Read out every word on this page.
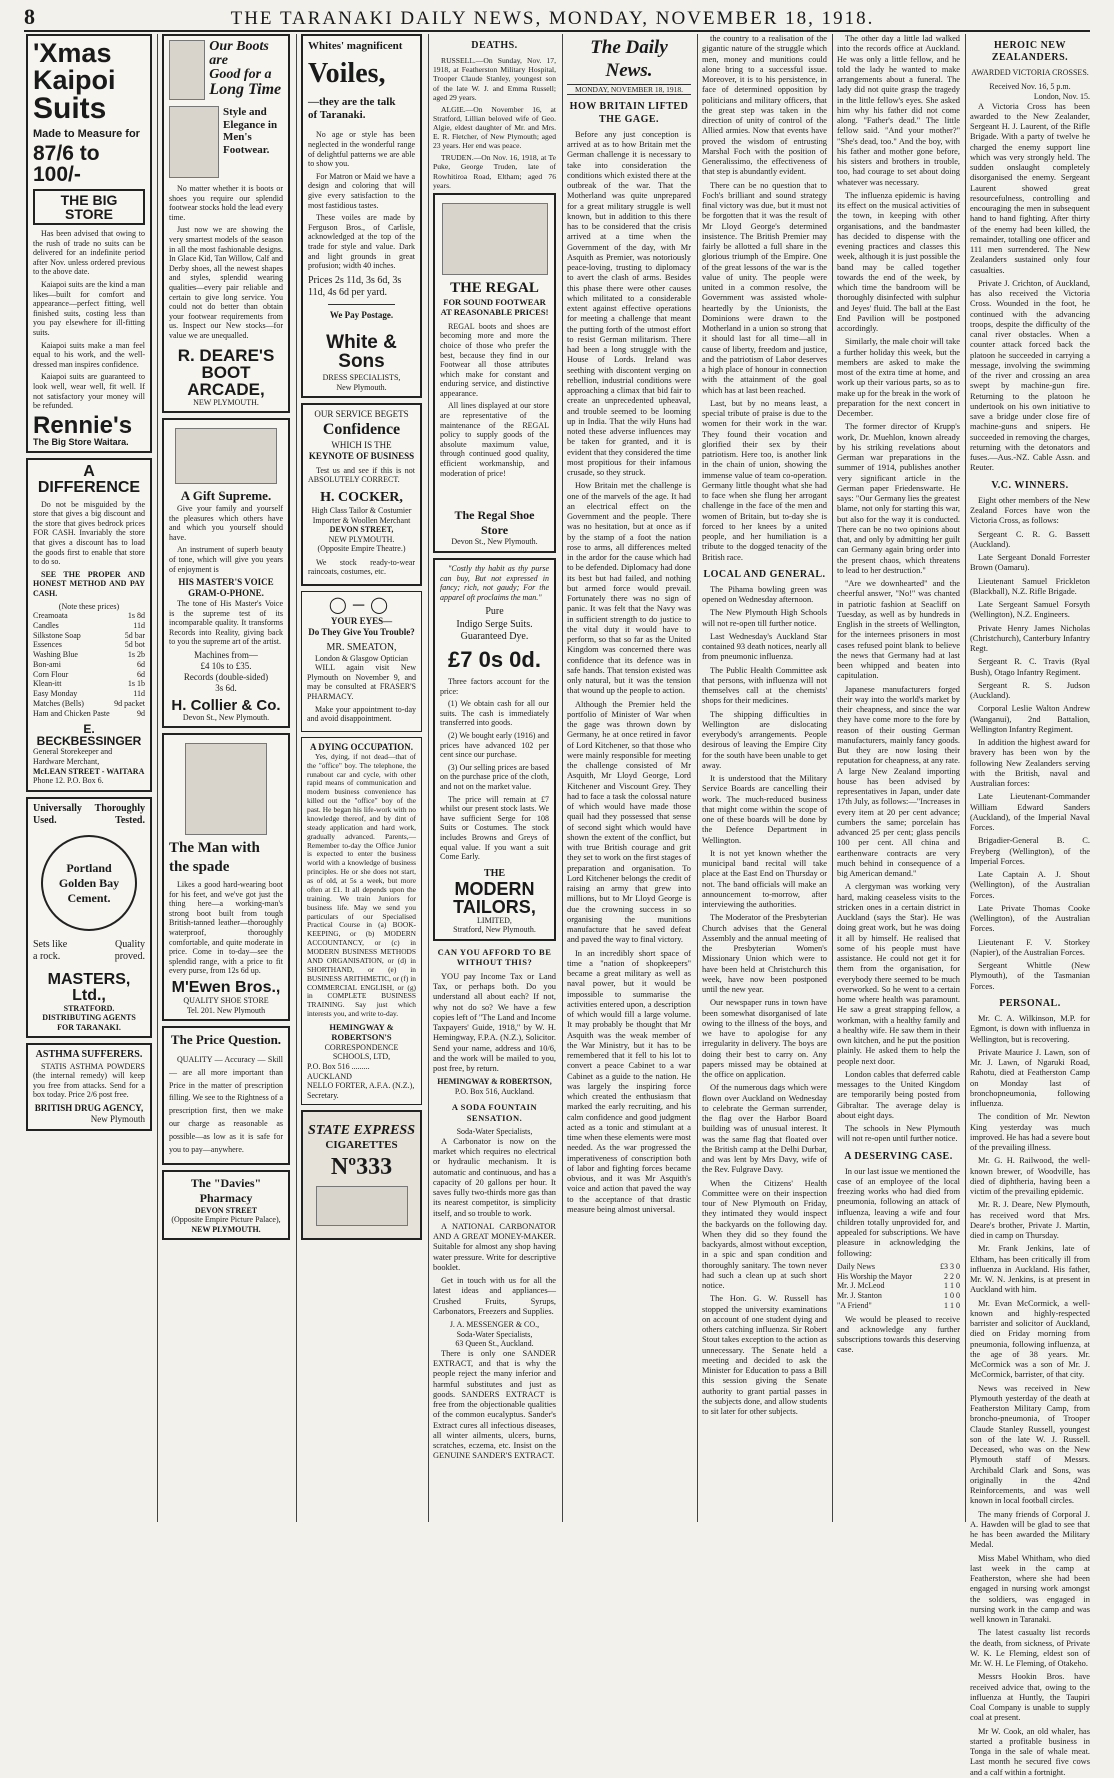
8	THE TARANAKI DAILY NEWS, MONDAY, NOVEMBER 18, 1918.
'Xmas
Kaipoi
Suits
Made to Measure for
87/6 to 100/-
THE BIG STORE

Has been advised that owing to the rush of trade no suits can be delivered for an indefinite period after Nov. unless ordered previous to the above date.

Kaiapoi suits are the kind a man likes—built for comfort and appearance—perfect fitting, well finished suits, costing less than you pay elsewhere for ill-fitting suits.

Kaiapoi suits make a man feel equal to his work, and the well-dressed man inspires confidence.

Kaiapoi suits are guaranteed to look well, wear well, fit well. If not satisfactory your money will be refunded.

Rennie's
The Big Store Waitara.
A DIFFERENCE

Do not be misguided by the store that gives a big discount and the store that gives bedrock prices FOR CASH. Invariably the store that gives a discount has to load the goods first to enable that store to do so.

SEE THE PROPER AND HONEST METHOD AND PAY CASH.

(Note these prices)
Creamoata	1s 8d
Candles	11d
Silkstone Soap	5d bar
Essences	5d bot
Washing Blue	1s 2b
Bon-ami	6d
Corn Flour	6d
Klean-itt	1s 1b
Easy Monday	11d
Matches (Bells)	9d packet
Ham and Chicken Paste	9d
E. BECKBESSINGER
General Storekeeper and Hardware Merchant,
McLEAN STREET - WAITARA
Phone 12. P.O. Box 6.
Universally Thoroughly
Used.	Tested.
Portland
Golden Bay
Cement.
Sets like	Quality
a rock.	proved.
MASTERS, Ltd.,
STRATFORD.
DISTRIBUTING AGENTS FOR TARANAKI.
ASTHMA SUFFERERS.

STATIS ASTHMA POWDERS (the internal remedy) will keep you free from attacks. Send for a box today. Price 2/6 post free.

BRITISH DRUG AGENCY,
New Plymouth
Our Boots are
Good for a
Long Time
Style and
Elegance in
Men's
Footwear.

No matter whether it is boots or shoes you require our splendid footwear stocks hold the lead every time.

Just now we are showing the very smartest models of the season in all the most fashionable designs. In Glace Kid, Tan Willow, Calf and Derby shoes, all the newest shapes and styles, splendid wearing qualities—every pair reliable and certain to give long service. You could not do better than obtain your footwear requirements from us. Inspect our New stocks—for value we are unequalled.

R. DEARE'S
BOOT
ARCADE,
NEW PLYMOUTH.
A Gift Supreme.

Give your family and yourself the pleasures which others have and which you yourself should have.

An instrument of superb beauty of tone, which will give you years of enjoyment is

HIS MASTER'S VOICE GRAM-O-PHONE.

The tone of His Master's Voice is the supreme test of its incomparable quality. It transforms Records into Reality, giving back to you the supreme art of the artist.

Machines from—
£4 10s to £35.
Records (double-sided)
3s 6d.
H. Collier & Co.
Devon St., New Plymouth.
The Man with
the spade

Likes a good hard-wearing boot for his feet, and we've got just the thing here—a working-man's strong boot built from tough British-tanned leather—thoroughly waterproof, thoroughly comfortable, and quite moderate in price. Come in to-day—see the splendid range, with a price to fit every purse, from 12s 6d up.

M'Ewen Bros.,
QUALITY SHOE STORE
Tel. 201. New Plymouth
The Price Question.

QUALITY — Accuracy — Skill — are all more important than Price in the matter of prescription filling. We see to the Rightness of a prescription first, then we make our charge as reasonable as possible—as low as it is safe for you to pay—anywhere.

The "Davies" Pharmacy
DEVON STREET
(Opposite Empire Picture Palace),
NEW PLYMOUTH.
Whites' magnificent
Voiles,
—they are the talk
of Taranaki.

No age or style has been neglected in the wonderful range of delightful patterns we are able to show you.

For Matron or Maid we have a design and coloring that will give every satisfaction to the most fastidious tastes.

These voiles are made by Ferguson Bros., of Carlisle, acknowledged at the top of the trade for style and value. Dark and light grounds in great profusion; width 40 inches.

Prices 2s 11d, 3s 6d, 3s
11d, 4s 6d per yard.
We Pay Postage.
White & Sons
DRESS SPECIALISTS,
New Plymouth.
OUR SERVICE BEGETS
Confidence
WHICH IS THE
KEYNOTE OF BUSINESS

Test us and see if this is not ABSOLUTELY CORRECT.

H. COCKER,
High Class Tailor & Costumier
Importer & Woollen Merchant
DEVON STREET,
NEW PLYMOUTH.
(Opposite Empire Theatre.)

We stock ready-to-wear raincoats, costumes, etc.

◯─◯
YOUR EYES—
Do They Give You Trouble?
MR. SMEATON,
London & Glasgow Optician

WILL again visit New Plymouth on November 9, and may be consulted at FRASER'S PHARMACY.

Make your appointment to-day and avoid disappointment.

A DYING OCCUPATION.

Yes, dying, if not dead—that of the "office" boy. The telephone, the runabout car and cycle, with other rapid means of communication and modern business convenience has killed out the "office" boy of the past. He began his life-work with no knowledge thereof, and by dint of steady application and hard work, gradually advanced. Parents,—Remember to-day the Office Junior is expected to enter the business world with a knowledge of business principles. He or she does not start, as of old, at 5s a week, but more often at £1. It all depends upon the training. We train Juniors for business life. May we send you particulars of our Specialised Practical Course in (a) BOOK-KEEPING, or (b) MODERN ACCOUNTANCY, or (c) in MODERN BUSINESS METHODS AND ORGANISATION, or (d) in SHORTHAND, or (e) in BUSINESS ARITHMETIC, or (f) in COMMERCIAL ENGLISH, or (g) in COMPLETE BUSINESS TRAINING. Say just which interests you, and write to-day.

HEMINGWAY & ROBERTSON'S
CORRESPONDENCE SCHOOLS, LTD,
P.O. Box 516 ......... AUCKLAND
NELLO FORTER, A.F.A. (N.Z.), Secretary.
STATE EXPRESS
CIGARETTES
Nº333
DEATHS.

RUSSELL.—On Sunday, Nov. 17, 1918, at Featherston Military Hospital, Trooper Claude Stanley, youngest son of the late W. J. and Emma Russell; aged 29 years.

ALGIE.—On November 16, at Stratford, Lillian beloved wife of Geo. Algie, eldest daughter of Mr. and Mrs. E. R. Fletcher, of New Plymouth; aged 23 years. Her end was peace.

TRUDEN.—On Nov. 16, 1918, at Te Puke, George Truden, late of Rowhitiroa Road, Eltham; aged 76 years.

THE REGAL
FOR SOUND FOOTWEAR AT REASONABLE PRICES!

REGAL boots and shoes are becoming more and more the choice of those who prefer the best, because they find in our Footwear all those attributes which make for constant and enduring service, and distinctive appearance.

All lines displayed at our store are representative of the maintenance of the REGAL policy to supply goods of the absolute maximum value, through continued good quality, efficient workmanship, and moderation of price!

The Regal Shoe Store
Devon St., New Plymouth.

"Costly thy habit as thy purse can buy, But not expressed in fancy; rich, not gaudy; For the apparel oft proclaims the man."

Pure
Indigo Serge Suits.
Guaranteed Dye.
£7 0s 0d.

Three factors account for the price:

(1) We obtain cash for all our suits. The cash is immediately transferred into goods.

(2) We bought early (1916) and prices have advanced 102 per cent since our purchase.

(3) Our selling prices are based on the purchase price of the cloth, and not on the market value.

The price will remain at £7 whilst our present stock lasts. We have sufficient Serge for 108 Suits or Costumes. The stock includes Browns and Greys of equal value. If you want a suit Come Early.

THE
MODERN
TAILORS,
LIMITED,
Stratford, New Plymouth.
CAN YOU AFFORD TO BE WITHOUT THIS?

YOU pay Income Tax or Land Tax, or perhaps both. Do you understand all about each? If not, why not do so? We have a few copies left of "The Land and Income Taxpayers' Guide, 1918," by W. H. Hemingway, F.P.A. (N.Z.), Solicitor. Send your name, address and 10/6, and the work will be mailed to you, post free, by return.

HEMINGWAY & ROBERTSON,
P.O. Box 516, Auckland.
A SODA FOUNTAIN SENSATION.
Soda-Water Specialists,

A Carbonator is now on the market which requires no electrical or hydraulic mechanism. It is automatic and continuous, and has a capacity of 20 gallons per hour. It saves fully two-thirds more gas than its nearest competitor, is simplicity itself, and so trouble to work.

A NATIONAL CARBONATOR AND A GREAT MONEY-MAKER. Suitable for almost any shop having water pressure. Write for descriptive booklet.

Get in touch with us for all the latest ideas and appliances—Crushed Fruits, Syrups, Carbonators, Freezers and Supplies.

J. A. MESSENGER & CO.,
Soda-Water Specialists,
63 Queen St., Auckland.

There is only one SANDER EXTRACT, and that is why the people reject the many inferior and harmful substitutes and just as goods. SANDERS EXTRACT is free from the objectionable qualities of the common eucalyptus. Sander's Extract cures all infectious diseases, all winter ailments, ulcers, burns, scratches, eczema, etc. Insist on the GENUINE SANDER'S EXTRACT.

The Daily News.
MONDAY, NOVEMBER 18, 1918.
HOW BRITAIN LIFTED THE GAGE.

Before any just conception is arrived at as to how Britain met the German challenge it is necessary to take into consideration the conditions which existed there at the outbreak of the war. That the Motherland was quite unprepared for a great military struggle is well known, but in addition to this there has to be considered that the crisis arrived at a time when the Government of the day, with Mr Asquith as Premier, was notoriously peace-loving, trusting to diplomacy to avert the clash of arms. Besides this phase there were other causes which militated to a considerable extent against effective operations for meeting a challenge that meant the putting forth of the utmost effort to resist German militarism. There had been a long struggle with the House of Lords. Ireland was seething with discontent verging on rebellion, industrial conditions were approaching a climax that bid fair to create an unprecedented upheaval, and trouble seemed to be looming up in India. That the wily Huns had noted these adverse influences may be taken for granted, and it is evident that they considered the time most propitious for their infamous crusade, so they struck.

How Britain met the challenge is one of the marvels of the age. It had an electrical effect on the Government and the people. There was no hesitation, but at once as if by the stamp of a foot the nation rose to arms, all differences melted in the ardor for the cause which had to be defended. Diplomacy had done its best but had failed, and nothing but armed force would prevail. Fortunately there was no sign of panic. It was felt that the Navy was in sufficient strength to do justice to the vital duty it would have to perform, so that so far as the United Kingdom was concerned there was confidence that its defence was in safe hands. That tension existed was only natural, but it was the tension that wound up the people to action.

Although the Premier held the portfolio of Minister of War when the gage was thrown down by Germany, he at once retired in favor of Lord Kitchener, so that those who were mainly responsible for meeting the challenge consisted of Mr Asquith, Mr Lloyd George, Lord Kitchener and Viscount Grey. They had to face a task the colossal nature of which would have made those quail had they possessed that sense of second sight which would have shown the extent of the conflict, but with true British courage and grit they set to work on the first stages of preparation and organisation. To Lord Kitchener belongs the credit of raising an army that grew into millions, but to Mr Lloyd George is due the crowning success in so organising the munitions manufacture that he saved defeat and paved the way to final victory.

In an incredibly short space of time a "nation of shopkeepers" became a great military as well as naval power, but it would be impossible to summarise the activities entered upon, a description of which would fill a large volume. It may probably be thought that Mr Asquith was the weak member of the War Ministry, but it has to be remembered that it fell to his lot to convert a peace Cabinet to a war Cabinet as a guide to the nation. He was largely the inspiring force which created the enthusiasm that marked the early recruiting, and his calm confidence and good judgment acted as a tonic and stimulant at a time when these elements were most needed. As the war progressed the imperativeness of conscription both of labor and fighting forces became obvious, and it was Mr Asquith's voice and action that paved the way to the acceptance of that drastic measure being almost universal.

the country to a realisation of the gigantic nature of the struggle which men, money and munitions could alone bring to a successful issue. Moreover, it is to his persistence, in face of determined opposition by politicians and military officers, that the great step was taken in the direction of unity of control of the Allied armies. Now that events have proved the wisdom of entrusting Marshal Foch with the position of Generalissimo, the effectiveness of that step is abundantly evident.

There can be no question that to Foch's brilliant and sound strategy final victory was due, but it must not be forgotten that it was the result of Mr Lloyd George's determined insistence. The British Premier may fairly be allotted a full share in the glorious triumph of the Empire. One of the great lessons of the war is the value of unity. The people were united in a common resolve, the Government was assisted whole-heartedly by the Unionists, the Dominions were drawn to the Motherland in a union so strong that it should last for all time—all in cause of liberty, freedom and justice, and the patriotism of Labor deserves a high place of honour in connection with the attainment of the goal which has at last been reached.

Last, but by no means least, a special tribute of praise is due to the women for their work in the war. They found their vocation and glorified their sex by their patriotism. Here too, is another link in the chain of union, showing the immense value of team co-operation. Germany little thought what she had to face when she flung her arrogant challenge in the face of the men and women of Britain, but to-day she is forced to her knees by a united people, and her humiliation is a tribute to the dogged tenacity of the British race.

LOCAL AND GENERAL.

The Pihama bowling green was opened on Wednesday afternoon.

The New Plymouth High Schools will not re-open till further notice.

Last Wednesday's Auckland Star contained 93 death notices, nearly all from pneumonic influenza.

The Public Health Committee ask that persons, with influenza will not themselves call at the chemists' shops for their medicines.

The shipping difficulties in Wellington are dislocating everybody's arrangements. People desirous of leaving the Empire City for the south have been unable to get away.

It is understood that the Military Service Boards are cancelling their work. The much-reduced business that might come within the scope of one of these boards will be done by the Defence Department in Wellington.

It is not yet known whether the municipal band recital will take place at the East End on Thursday or not. The band officials will make an announcement to-morrow, after interviewing the authorities.

The Moderator of the Presbyterian Church advises that the General Assembly and the annual meeting of the Presbyterian Women's Missionary Union which were to have been held at Christchurch this week, have now been postponed until the new year.

Our newspaper runs in town have been somewhat disorganised of late owing to the illness of the boys, and we have to apologise for any irregularity in delivery. The boys are doing their best to carry on. Any papers missed may be obtained at the office on application.

Of the numerous dags which were flown over Auckland on Wednesday to celebrate the German surrender, the flag over the Harbor Board building was of unusual interest. It was the same flag that floated over the British camp at the Delhi Durbar, and was lent by Mrs Davy, wife of the Rev. Fulgrave Davy.

When the Citizens' Health Committee were on their inspection tour of New Plymouth on Friday, they intimated they would inspect the backyards on the following day. When they did so they found the backyards, almost without exception, in a spic and span condition and thoroughly sanitary. The town never had such a clean up at such short notice.

The Hon. G. W. Russell has stopped the university examinations on account of one student dying and others catching influenza. Sir Robert Stout takes exception to the action as unnecessary. The Senate held a meeting and decided to ask the Minister for Education to pass a Bill this session giving the Senate authority to grant partial passes in the subjects done, and allow students to sit later for other subjects.

The other day a little lad walked into the records office at Auckland. He was only a little fellow, and he told the lady he wanted to make arrangements about a funeral. The lady did not quite grasp the tragedy in the little fellow's eyes. She asked him why his father did not come along. "Father's dead." The little fellow said. "And your mother?" "She's dead, too." And the boy, with his father and mother gone before, his sisters and brothers in trouble, too, had courage to set about doing whatever was necessary.

The influenza epidemic is having its effect on the musical activities of the town, in keeping with other organisations, and the bandmaster has decided to dispense with the evening practices and classes this week, although it is just possible the band may be called together towards the end of the week, by which time the bandroom will be thoroughly disinfected with sulphur and Jeyes' fluid. The ball at the East End Pavilion will be postponed accordingly.

Similarly, the male choir will take a further holiday this week, but the members are asked to make the most of the extra time at home, and work up their various parts, so as to make up for the break in the work of preparation for the next concert in December.

The former director of Krupp's work, Dr. Muehlon, known already by his striking revelations about German war preparations in the summer of 1914, publishes another very significant article in the German paper Friedenswarte. He says: "Our Germany lies the greatest blame, not only for starting this war, but also for the way it is conducted. There can be no two opinions about that, and only by admitting her guilt can Germany again bring order into the present chaos, which threatens to lead to her destruction."

"Are we downhearted" and the cheerful answer, "No!" was chanted in patriotic fashion at Seacliff on Tuesday, as well as by hundreds in English in the streets of Wellington, for the internees prisoners in most cases refused point blank to believe the news that Germany had at last been whipped and beaten into capitulation.

Japanese manufacturers forged their way into the world's market by their cheapness, and since the war they have come more to the fore by reason of their ousting German manufacturers, mainly fancy goods. But they are now losing their reputation for cheapness, at any rate. A large New Zealand importing house has been advised by representatives in Japan, under date 17th July, as follows:—"Increases in every item at 20 per cent advance; cumbers the same; porcelain has advanced 25 per cent; glass pencils 100 per cent. All china and earthenware contracts are very much behind in consequence of a big American demand."

A clergyman was working very hard, making ceaseless visits to the stricken ones in a certain district in Auckland (says the Star). He was doing great work, but he was doing it all by himself. He realised that some of his people must have assistance. He could not get it for them from the organisation, for everybody there seemed to be much overworked. So he went to a certain home where health was paramount. He saw a great strapping fellow, a workman, with a healthy family and a healthy wife. He saw them in their own kitchen, and he put the position plainly. He asked them to help the people next door.

London cables that deferred cable messages to the United Kingdom are temporarily being posted from Gibraltar. The average delay is about eight days.

The schools in New Plymouth will not re-open until further notice.

A DESERVING CASE.

In our last issue we mentioned the case of an employee of the local freezing works who had died from pneumonia, following an attack of influenza, leaving a wife and four children totally unprovided for, and appealed for subscriptions. We have pleasure in acknowledging the following:

Daily News	£3 3 0
His Worship the Mayor	2 2 0
Mr. J. McLeod	1 1 0
Mr. J. Stanton	1 0 0
"A Friend"	1 1 0

We would be pleased to receive and acknowledge any further subscriptions towards this deserving case.

HEROIC NEW ZEALANDERS.
AWARDED VICTORIA CROSSES.
Received Nov. 16, 5 p.m.
London, Nov. 15.

A Victoria Cross has been awarded to the New Zealander, Sergeant H. J. Laurent, of the Rifle Brigade. With a party of twelve he charged the enemy support line which was very strongly held. The sudden onslaught completely disorganised the enemy. Sergeant Laurent showed great resourcefulness, controlling and encouraging the men in subsequent hand to hand fighting. After thirty of the enemy had been killed, the remainder, totalling one officer and 111 men surrendered. The New Zealanders sustained only four casualties.

Private J. Crichton, of Auckland, has also received the Victoria Cross. Wounded in the foot, he continued with the advancing troops, despite the difficulty of the canal river obstacles. When a counter attack forced back the platoon he succeeded in carrying a message, involving the swimming of the river and crossing an area swept by machine-gun fire. Returning to the platoon he undertook on his own initiative to save a bridge under close fire of machine-guns and snipers. He succeeded in removing the charges, returning with the detonators and fuses.—Aus.-NZ. Cable Assn. and Reuter.

V.C. WINNERS.

Eight other members of the New Zealand Forces have won the Victoria Cross, as follows:

Sergeant C. R. G. Bassett (Auckland).

Late Sergeant Donald Forrester Brown (Oamaru).

Lieutenant Samuel Frickleton (Blackball), N.Z. Rifle Brigade.

Late Sergeant Samuel Forsyth (Wellington), N.Z. Engineers.

Private Henry James Nicholas (Christchurch), Canterbury Infantry Regt.

Sergeant R. C. Travis (Ryal Bush), Otago Infantry Regiment.

Sergeant R. S. Judson (Auckland).

Corporal Leslie Walton Andrew (Wanganui), 2nd Battalion, Wellington Infantry Regiment.

In addition the highest award for bravery has been won by the following New Zealanders serving with the British, naval and Australian forces:

Late Lieutenant-Commander William Edward Sanders (Auckland), of the Imperial Naval Forces.

Brigadier-General B. C. Freyberg (Wellington), of the Imperial Forces.

Late Captain A. J. Shout (Wellington), of the Australian Forces.

Late Private Thomas Cooke (Wellington), of the Australian Forces.

Lieutenant F. V. Storkey (Napier), of the Australian Forces.

Sergeant Whittle (New Plymouth), of the Tasmanian Forces.

PERSONAL.

Mr. C. A. Wilkinson, M.P. for Egmont, is down with influenza in Wellington, but is recovering.

Private Maurice J. Lawn, son of Mr. J. Lawn, of Ngaruki Road, Rahotu, died at Featherston Camp on Monday last of bronchopneumonia, following influenza.

The condition of Mr. Newton King yesterday was much improved. He has had a severe bout of the prevailing illness.

Mr. G. H. Railwood, the well-known brewer, of Woodville, has died of diphtheria, having been a victim of the prevailing epidemic.

Mr. R. J. Deare, New Plymouth, has received word that Mrs. Deare's brother, Private J. Martin, died in camp on Thursday.

Mr. Frank Jenkins, late of Eltham, has been critically ill from influenza in Auckland. His father, Mr. W. N. Jenkins, is at present in Auckland with him.

Mr. Evan McCormick, a well-known and highly-respected barrister and solicitor of Auckland, died on Friday morning from pneumonia, following influenza, at the age of 38 years. Mr. McCormick was a son of Mr. J. McCormick, barrister, of that city.

News was received in New Plymouth yesterday of the death at Featherston Military Camp, from broncho-pneumonia, of Trooper Claude Stanley Russell, youngest son of the late W. J. Russell. Deceased, who was on the New Plymouth staff of Messrs. Archibald Clark and Sons, was originally in the 42nd Reinforcements, and was well known in local football circles.

The many friends of Corporal J. A. Hawden will be glad to see that he has been awarded the Military Medal.

Miss Mabel Whitham, who died last week in the camp at Featherston, where she had been engaged in nursing work amongst the soldiers, was engaged in nursing work in the camp and was well known in Taranaki.

The latest casualty list records the death, from sickness, of Private W. K. Le Fleming, eldest son of Mr. W. H. Le Fleming, of Otakeho.

Messrs Hookin Bros. have received advice that, owing to the influenza at Huntly, the Taupiri Coal Company is unable to supply coal at present.

Mr W. Cook, an old whaler, has started a profitable business in Tonga in the sale of whale meat. Last month he secured five cows and a calf within a fortnight.
